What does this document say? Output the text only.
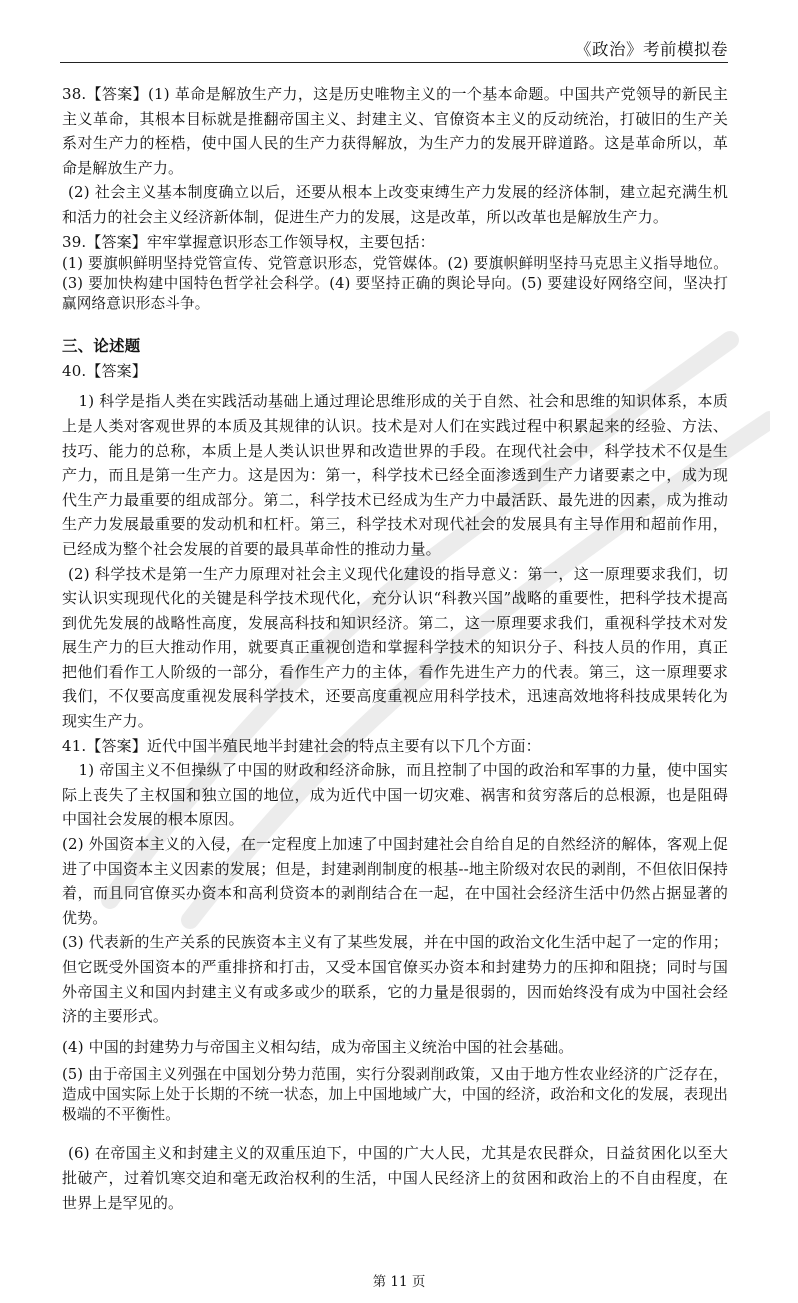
《政治》考前模拟卷

38.【答案】(1) 革命是解放生产力，这是历史唯物主义的一个基本命题。中国共产党领导的新民主主义革命，其根本目标就是推翻帝国主义、封建主义、官僚资本主义的反动统治，打破旧的生产关系对生产力的桎梏，使中国人民的生产力获得解放，为生产力的发展开辟道路。这是革命所以，革命是解放生产力。

(2) 社会主义基本制度确立以后，还要从根本上改变束缚生产力发展的经济体制，建立起充满生机和活力的社会主义经济新体制，促进生产力的发展，这是改革，所以改革也是解放生产力。

39.【答案】牢牢掌握意识形态工作领导权，主要包括：

(1) 要旗帜鲜明坚持党管宣传、党管意识形态，党管媒体。(2) 要旗帜鲜明坚持马克思主义指导地位。(3) 要加快构建中国特色哲学社会科学。(4) 要坚持正确的舆论导向。(5) 要建设好网络空间，坚决打赢网络意识形态斗争。

三、论述题

40.【答案】

1) 科学是指人类在实践活动基础上通过理论思维形成的关于自然、社会和思维的知识体系，本质上是人类对客观世界的本质及其规律的认识。技术是对人们在实践过程中积累起来的经验、方法、技巧、能力的总称，本质上是人类认识世界和改造世界的手段。在现代社会中，科学技术不仅是生产力，而且是第一生产力。这是因为：第一，科学技术已经全面渗透到生产力诸要素之中，成为现代生产力最重要的组成部分。第二，科学技术已经成为生产力中最活跃、最先进的因素，成为推动生产力发展最重要的发动机和杠杆。第三，科学技术对现代社会的发展具有主导作用和超前作用，已经成为整个社会发展的首要的最具革命性的推动力量。

(2) 科学技术是第一生产力原理对社会主义现代化建设的指导意义：第一，这一原理要求我们，切实认识实现现代化的关键是科学技术现代化，充分认识“科教兴国”战略的重要性，把科学技术提高到优先发展的战略性高度，发展高科技和知识经济。第二，这一原理要求我们，重视科学技术对发展生产力的巨大推动作用，就要真正重视创造和掌握科学技术的知识分子、科技人员的作用，真正把他们看作工人阶级的一部分，看作生产力的主体，看作先进生产力的代表。第三，这一原理要求我们，不仅要高度重视发展科学技术，还要高度重视应用科学技术，迅速高效地将科技成果转化为现实生产力。

41.【答案】近代中国半殖民地半封建社会的特点主要有以下几个方面：

1) 帝国主义不但操纵了中国的财政和经济命脉，而且控制了中国的政治和军事的力量，使中国实际上丧失了主权国和独立国的地位，成为近代中国一切灾难、祸害和贫穷落后的总根源，也是阻碍中国社会发展的根本原因。

(2) 外国资本主义的入侵，在一定程度上加速了中国封建社会自给自足的自然经济的解体，客观上促进了中国资本主义因素的发展；但是，封建剥削制度的根基--地主阶级对农民的剥削，不但依旧保持着，而且同官僚买办资本和高利贷资本的剥削结合在一起，在中国社会经济生活中仍然占据显著的优势。

(3) 代表新的生产关系的民族资本主义有了某些发展，并在中国的政治文化生活中起了一定的作用；但它既受外国资本的严重排挤和打击，又受本国官僚买办资本和封建势力的压抑和阻挠；同时与国外帝国主义和国内封建主义有或多或少的联系，它的力量是很弱的，因而始终没有成为中国社会经济的主要形式。

(4) 中国的封建势力与帝国主义相勾结，成为帝国主义统治中国的社会基础。

(5) 由于帝国主义列强在中国划分势力范围，实行分裂剥削政策，又由于地方性农业经济的广泛存在，造成中国实际上处于长期的不统一状态，加上中国地域广大，中国的经济，政治和文化的发展，表现出极端的不平衡性。

(6) 在帝国主义和封建主义的双重压迫下，中国的广大人民，尤其是农民群众，日益贫困化以至大批破产，过着饥寒交迫和毫无政治权利的生活，中国人民经济上的贫困和政治上的不自由程度，在世界上是罕见的。

第 11 页
